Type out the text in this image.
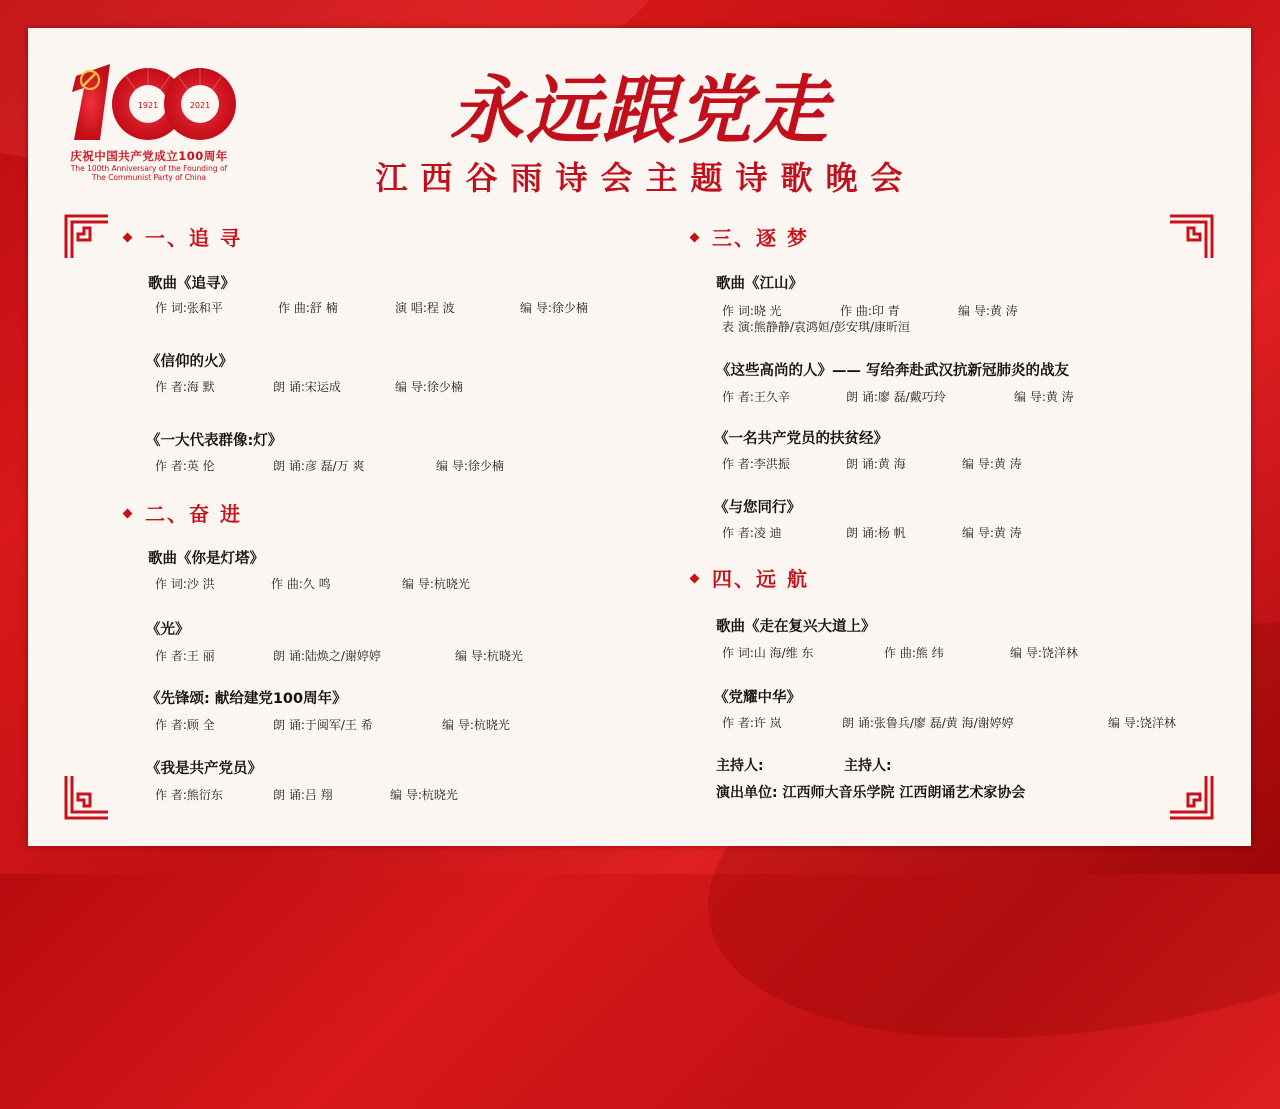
1921	2021
庆祝中国共产党成立100周年
The 100th Anniversary of the Founding of
The Communist Party of China
永远跟党走
江西谷雨诗会主题诗歌晚会
一、追 寻
歌曲《追寻》
作 词:张和平	作 曲:舒 楠	演 唱:程 波	编 导:徐少楠
《信仰的火》
作 者:海 默	朗 诵:宋运成	编 导:徐少楠
《一大代表群像:灯》
作 者:英 伦	朗 诵:彦 磊/万 爽	编 导:徐少楠
二、奋 进
歌曲《你是灯塔》
作 词:沙 洪	作 曲:久 鸣	编 导:杭晓光
《光》
作 者:王 丽	朗 诵:陆焕之/谢婷婷	编 导:杭晓光
《先锋颂: 献给建党100周年》
作 者:顾 全	朗 诵:于闽军/王 希	编 导:杭晓光
《我是共产党员》
作 者:熊衍东	朗 诵:吕 翔	编 导:杭晓光
三、逐 梦
歌曲《江山》
作 词:晓 光	作 曲:印 青	编 导:黄 涛
表 演:熊静静/袁鸿姮/彭安琪/康昕洹
《这些高尚的人》—— 写给奔赴武汉抗新冠肺炎的战友
作 者:王久辛	朗 诵:廖 磊/戴巧玲	编 导:黄 涛
《一名共产党员的扶贫经》
作 者:李洪振	朗 诵:黄 海	编 导:黄 涛
《与您同行》
作 者:凌 迪	朗 诵:杨 帆	编 导:黄 涛
四、远 航
歌曲《走在复兴大道上》
作 词:山 海/维 东	作 曲:熊 纬	编 导:饶洋林
《党耀中华》
作 者:许 岚	朗 诵:张鲁兵/廖 磊/黄 海/谢婷婷	编 导:饶洋林
主持人:	主持人:
演出单位: 江西师大音乐学院 江西朗诵艺术家协会
